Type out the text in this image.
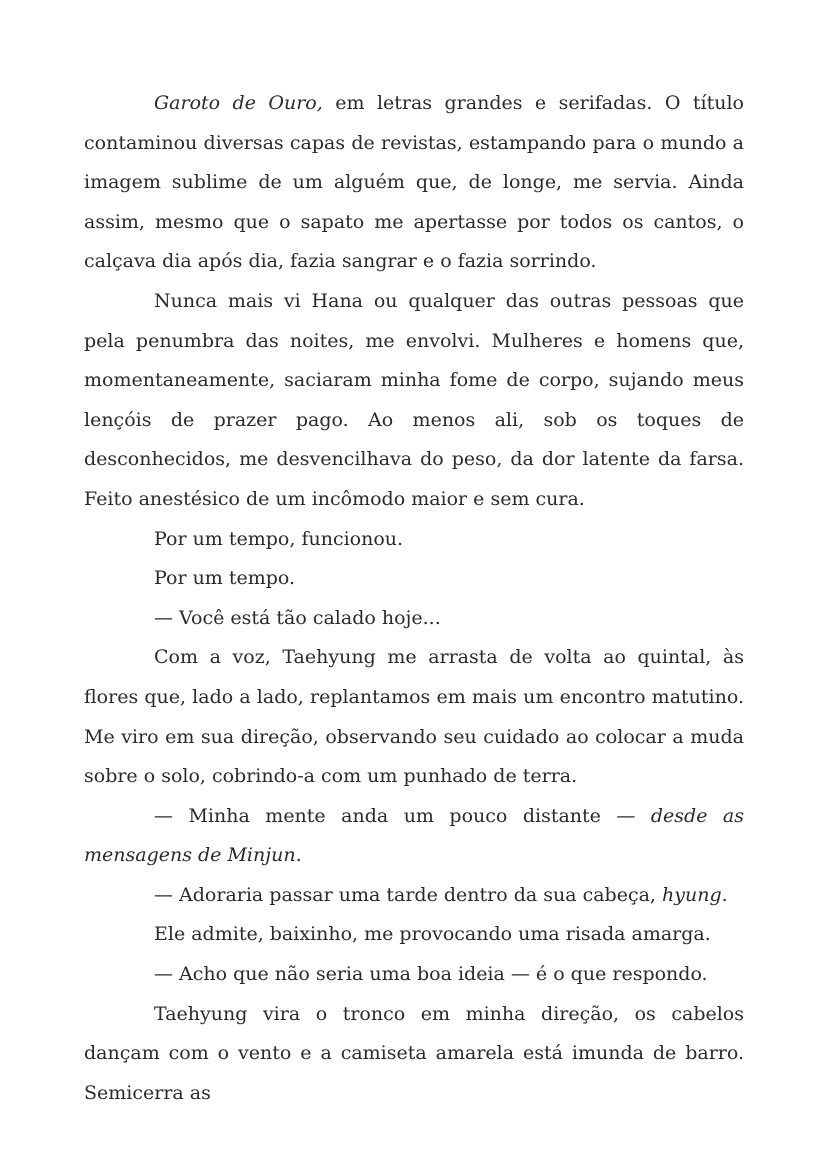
Garoto de Ouro, em letras grandes e serifadas. O título contaminou diversas capas de revistas, estampando para o mundo a imagem sublime de um alguém que, de longe, me servia. Ainda assim, mesmo que o sapato me apertasse por todos os cantos, o calçava dia após dia, fazia sangrar e o fazia sorrindo.

Nunca mais vi Hana ou qualquer das outras pessoas que pela penumbra das noites, me envolvi. Mulheres e homens que, momentaneamente, saciaram minha fome de corpo, sujando meus lençóis de prazer pago. Ao menos ali, sob os toques de desconhecidos, me desvencilhava do peso, da dor latente da farsa. Feito anestésico de um incômodo maior e sem cura.

Por um tempo, funcionou.

Por um tempo.

— Você está tão calado hoje...

Com a voz, Taehyung me arrasta de volta ao quintal, às flores que, lado a lado, replantamos em mais um encontro matutino. Me viro em sua direção, observando seu cuidado ao colocar a muda sobre o solo, cobrindo-a com um punhado de terra.

— Minha mente anda um pouco distante — desde as mensagens de Minjun.

— Adoraria passar uma tarde dentro da sua cabeça, hyung.

Ele admite, baixinho, me provocando uma risada amarga.

— Acho que não seria uma boa ideia — é o que respondo.

Taehyung vira o tronco em minha direção, os cabelos dançam com o vento e a camiseta amarela está imunda de barro. Semicerra as
